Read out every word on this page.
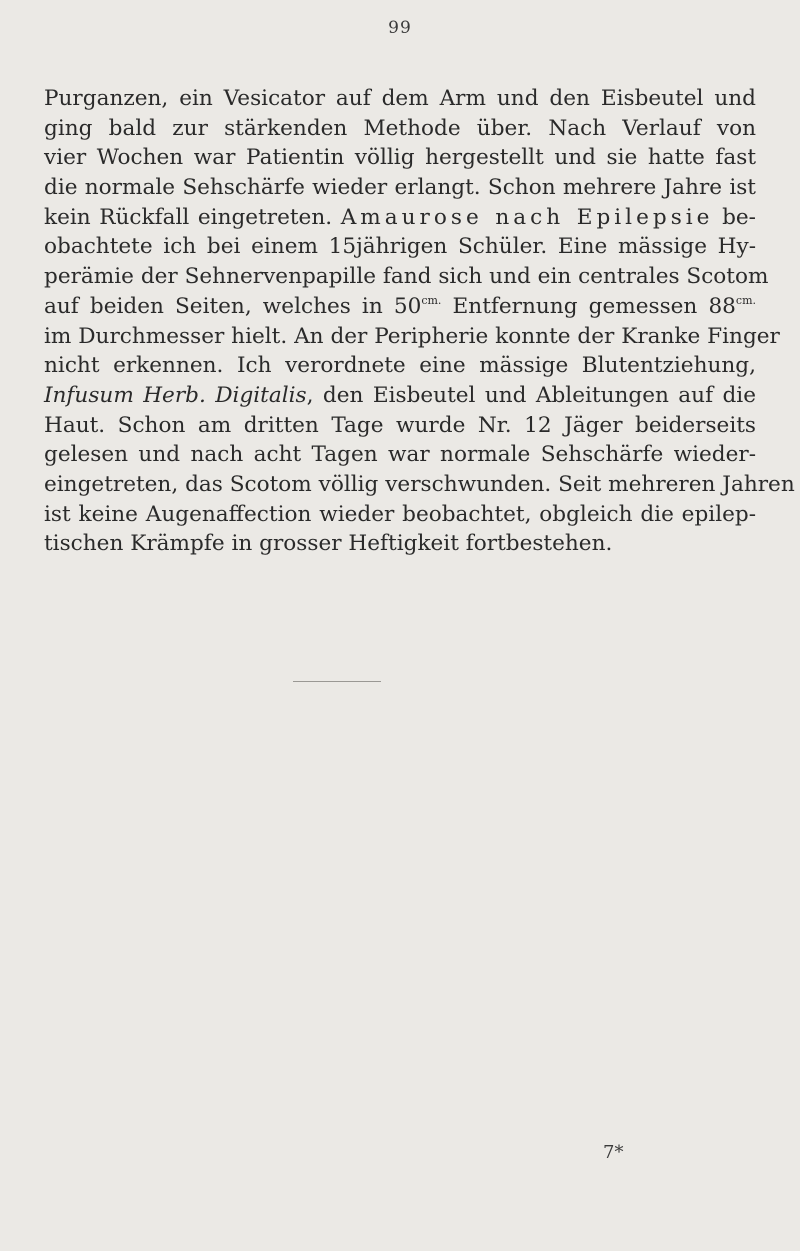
99
Purganzen, ein Vesicator auf dem Arm und den Eisbeutel und
ging bald zur stärkenden Methode über. Nach Verlauf von
vier Wochen war Patientin völlig hergestellt und sie hatte fast
die normale Sehschärfe wieder erlangt. Schon mehrere Jahre ist
kein Rückfall eingetreten. Amaurose nach Epilepsie be-
obachtete ich bei einem 15jährigen Schüler. Eine mässige Hy-
perämie der Sehnervenpapille fand sich und ein centrales Scotom
auf beiden Seiten, welches in $50^{cm.}$ Entfernung gemessen $88^{cm.}$
im Durchmesser hielt. An der Peripherie konnte der Kranke Finger
nicht erkennen. Ich verordnete eine mässige Blutentziehung,
Infusum Herb. Digitalis, den Eisbeutel und Ableitungen auf die
Haut. Schon am dritten Tage wurde Nr. 12 Jäger beiderseits
gelesen und nach acht Tagen war normale Sehschärfe wieder-
eingetreten, das Scotom völlig verschwunden. Seit mehreren Jahren
ist keine Augenaffection wieder beobachtet, obgleich die epilep-
tischen Krämpfe in grosser Heftigkeit fortbestehen.
7*
